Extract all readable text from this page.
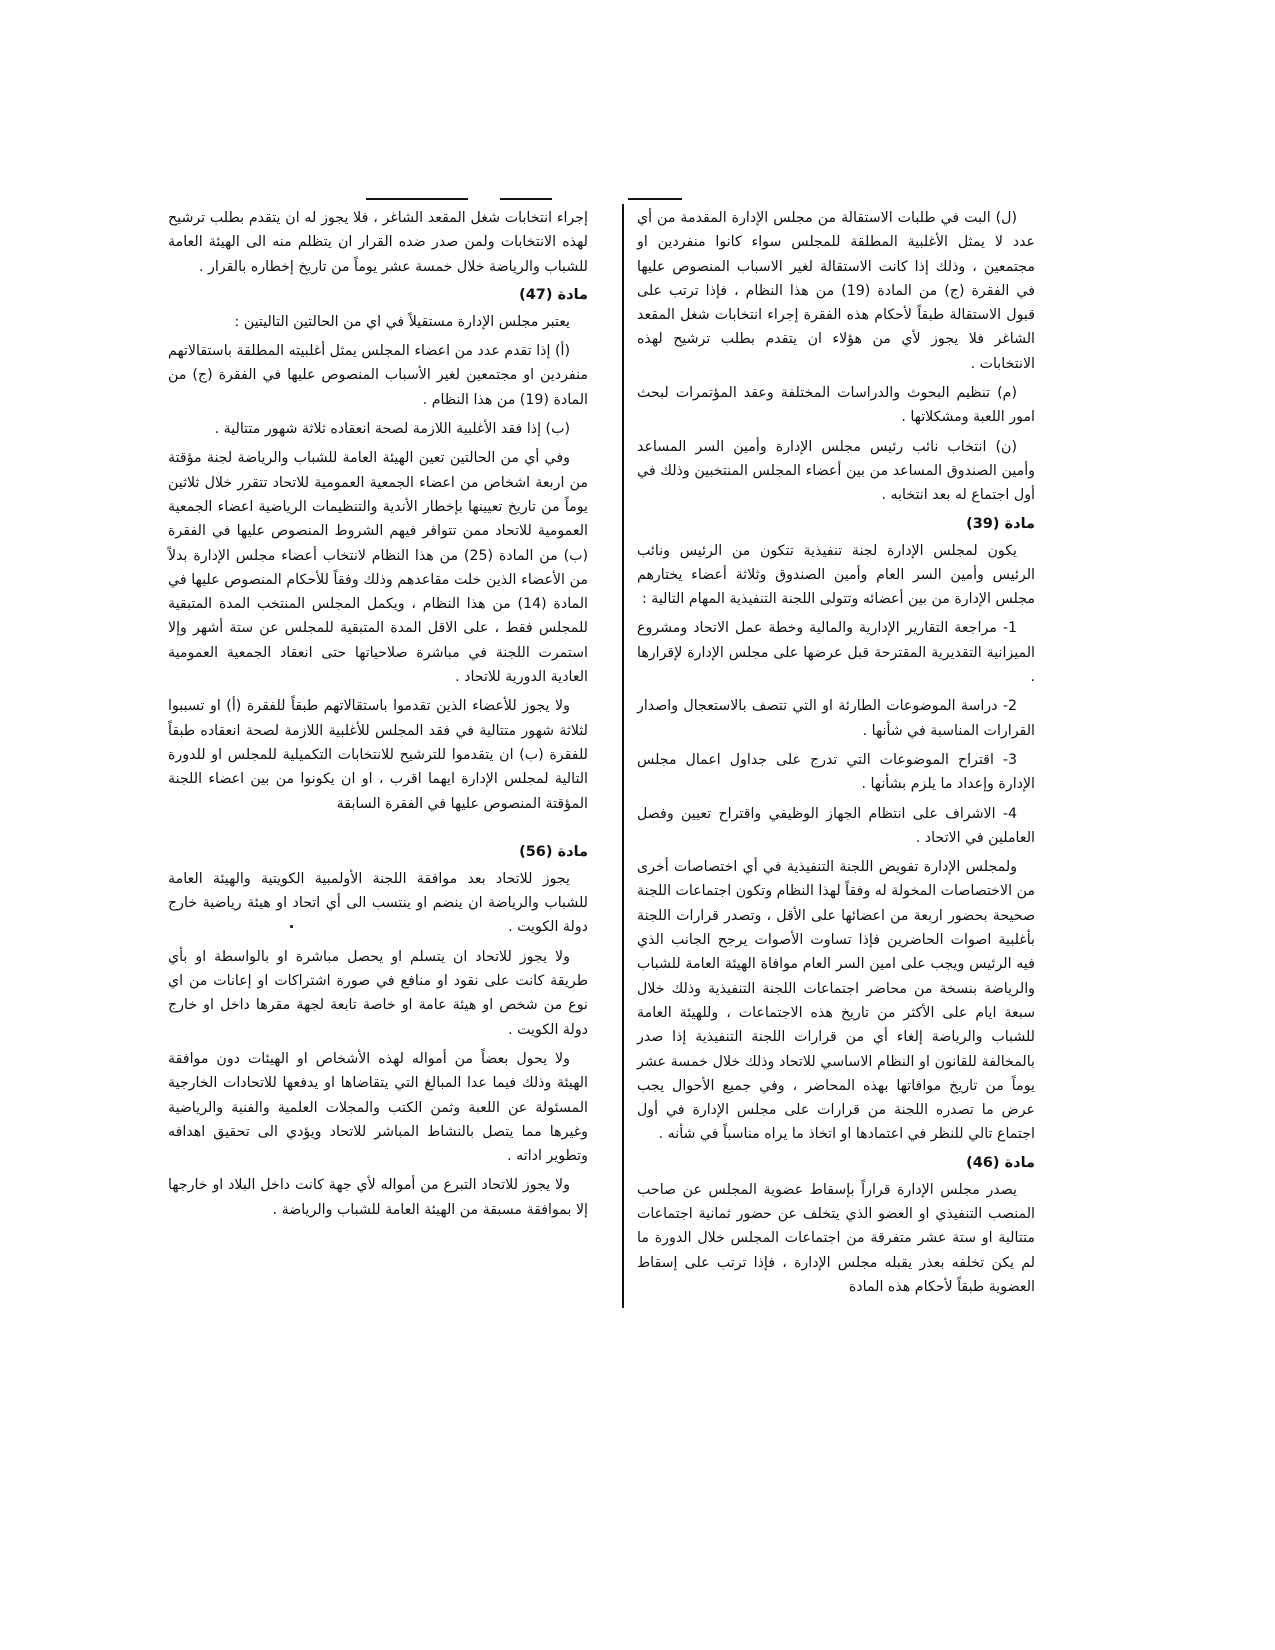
(ل) البت في طلبات الاستقالة من مجلس الإدارة المقدمة من أي عدد لا يمثل الأغلبية المطلقة للمجلس سواء كانوا منفردين او مجتمعين ، وذلك إذا كانت الاستقالة لغير الاسباب المنصوص عليها في الفقرة (ج) من المادة (19) من هذا النظام ، فإذا ترتب على قبول الاستقالة طبقاً لأحكام هذه الفقرة إجراء انتخابات شغل المقعد الشاغر فلا يجوز لأي من هؤلاء ان يتقدم بطلب ترشيح لهذه الانتخابات .

(م) تنظيم البحوث والدراسات المختلفة وعقد المؤتمرات لبحث امور اللعبة ومشكلاتها .

(ن) انتخاب نائب رئيس مجلس الإدارة وأمين السر المساعد وأمين الصندوق المساعد من بين أعضاء المجلس المنتخبين وذلك في أول اجتماع له بعد انتخابه .

مادة (39)

يكون لمجلس الإدارة لجنة تنفيذية تتكون من الرئيس ونائب الرئيس وأمين السر العام وأمين الصندوق وثلاثة أعضاء يختارهم مجلس الإدارة من بين أعضائه وتتولى اللجنة التنفيذية المهام التالية :

1- مراجعة التقارير الإدارية والمالية وخطة عمل الاتحاد ومشروع الميزانية التقديرية المقترحة قبل عرضها على مجلس الإدارة لإقرارها .

2- دراسة الموضوعات الطارئة او التي تتصف بالاستعجال واصدار القرارات المناسبة في شأنها .

3- اقتراح الموضوعات التي تدرج على جداول اعمال مجلس الإدارة وإعداد ما يلزم بشأنها .

4- الاشراف على انتظام الجهاز الوظيفي واقتراح تعيين وفصل العاملين في الاتحاد .

ولمجلس الإدارة تفويض اللجنة التنفيذية في أي اختصاصات أخرى من الاختصاصات المخولة له وفقاً لهذا النظام وتكون اجتماعات اللجنة صحيحة بحضور اربعة من اعضائها على الأقل ، وتصدر قرارات اللجنة بأغلبية اصوات الحاضرين فإذا تساوت الأصوات يرجح الجانب الذي فيه الرئيس ويجب على امين السر العام موافاة الهيئة العامة للشباب والرياضة بنسخة من محاضر اجتماعات اللجنة التنفيذية وذلك خلال سبعة ايام على الأكثر من تاريخ هذه الاجتماعات ، وللهيئة العامة للشباب والرياضة إلغاء أي من قرارات اللجنة التنفيذية إذا صدر بالمخالفة للقانون او النظام الاساسي للاتحاد وذلك خلال خمسة عشر يوماً من تاريخ موافاتها بهذه المحاضر ، وفي جميع الأحوال يجب عرض ما تصدره اللجنة من قرارات على مجلس الإدارة في أول اجتماع تالي للنظر في اعتمادها او اتخاذ ما يراه مناسباً في شأنه .

مادة (46)

يصدر مجلس الإدارة قراراً بإسقاط عضوية المجلس عن صاحب المنصب التنفيذي او العضو الذي يتخلف عن حضور ثمانية اجتماعات متتالية او ستة عشر متفرقة من اجتماعات المجلس خلال الدورة ما لم يكن تخلفه بعذر يقبله مجلس الإدارة ، فإذا ترتب على إسقاط العضوية طبقاً لأحكام هذه المادة

إجراء انتخابات شغل المقعد الشاغر ، فلا يجوز له ان يتقدم بطلب ترشيح لهذه الانتخابات ولمن صدر ضده القرار ان يتظلم منه الى الهيئة العامة للشباب والرياضة خلال خمسة عشر يوماً من تاريخ إخطاره بالقرار .

مادة (47)

يعتبر مجلس الإدارة مستقيلاً في اي من الحالتين التاليتين :

(أ) إذا تقدم عدد من اعضاء المجلس يمثل أغلبيته المطلقة باستقالاتهم منفردين او مجتمعين لغير الأسباب المنصوص عليها في الفقرة (ج) من المادة (19) من هذا النظام .

(ب) إذا فقد الأغلبية اللازمة لصحة انعقاده ثلاثة شهور متتالية .

وفي أي من الحالتين تعين الهيئة العامة للشباب والرياضة لجنة مؤقتة من اربعة اشخاص من اعضاء الجمعية العمومية للاتحاد تتقرر خلال ثلاثين يوماً من تاريخ تعيينها بإخطار الأندية والتنظيمات الرياضية اعضاء الجمعية العمومية للاتحاد ممن تتوافر فيهم الشروط المنصوص عليها في الفقرة (ب) من المادة (25) من هذا النظام لانتخاب أعضاء مجلس الإدارة بدلاً من الأعضاء الذين خلت مقاعدهم وذلك وفقاً للأحكام المنصوص عليها في المادة (14) من هذا النظام ، ويكمل المجلس المنتخب المدة المتبقية للمجلس فقط ، على الاقل المدة المتبقية للمجلس عن ستة أشهر وإلا استمرت اللجنة في مباشرة صلاحياتها حتى انعقاد الجمعية العمومية العادية الدورية للاتحاد .

ولا يجوز للأعضاء الذين تقدموا باستقالاتهم طبقاً للفقرة (أ) او تسببوا لثلاثة شهور متتالية في فقد المجلس للأغلبية اللازمة لصحة انعقاده طبقاً للفقرة (ب) ان يتقدموا للترشيح للانتخابات التكميلية للمجلس او للدورة التالية لمجلس الإدارة ايهما اقرب ، او ان يكونوا من بين اعضاء اللجنة المؤقتة المنصوص عليها في الفقرة السابقة

مادة (56)

يجوز للاتحاد بعد موافقة اللجنة الأولمبية الكويتية والهيئة العامة للشباب والرياضة ان ينضم او ينتسب الى أي اتحاد او هيئة رياضية خارج دولة الكويت .

ولا يجوز للاتحاد ان يتسلم او يحصل مباشرة او بالواسطة او بأي طريقة كانت على نقود او منافع في صورة اشتراكات او إعانات من اي نوع من شخص او هيئة عامة او خاصة تابعة لجهة مقرها داخل او خارج دولة الكويت .

ولا يحول بعضاً من أمواله لهذه الأشخاص او الهيئات دون موافقة الهيئة وذلك فيما عدا المبالغ التي يتقاضاها او يدفعها للاتحادات الخارجية المسئولة عن اللعبة وثمن الكتب والمجلات العلمية والفنية والرياضية وغيرها مما يتصل بالنشاط المباشر للاتحاد ويؤدي الى تحقيق اهدافه وتطوير اداته .

ولا يجوز للاتحاد التبرع من أمواله لأي جهة كانت داخل البلاد او خارجها إلا بموافقة مسبقة من الهيئة العامة للشباب والرياضة .
